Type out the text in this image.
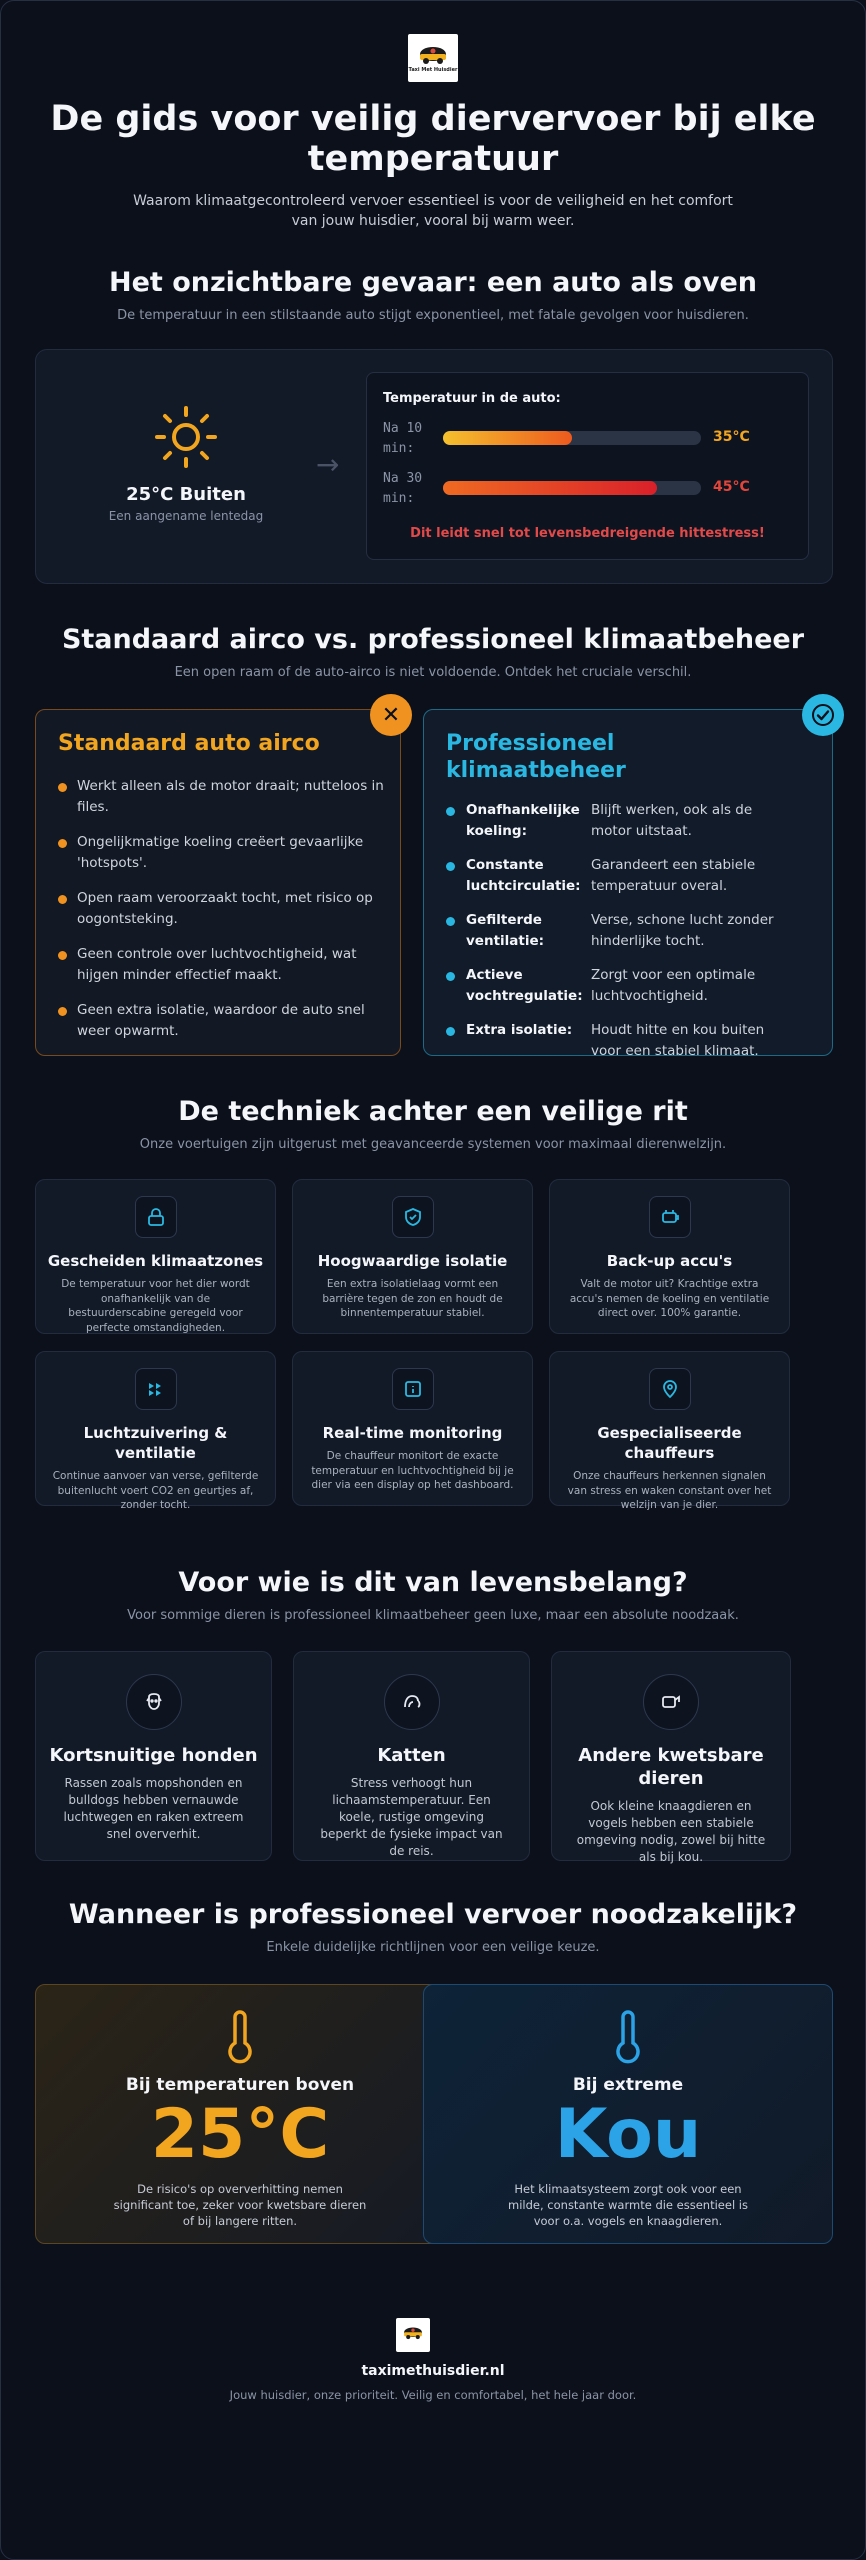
Taxi Met Huisdier
De gids voor veilig diervervoer bij elke temperatuur

Waarom klimaatgecontroleerd vervoer essentieel is voor de veiligheid en het comfort van jouw huisdier, vooral bij warm weer.

Het onzichtbare gevaar: een auto als oven

De temperatuur in een stilstaande auto stijgt exponentieel, met fatale gevolgen voor huisdieren.

25°C Buiten
Een aangename lentedag
→
Temperatuur in de auto:
Na 10 min:
35°C
Na 30 min:
45°C
Dit leidt snel tot levensbedreigende hittestress!
Standaard airco vs. professioneel klimaatbeheer

Een open raam of de auto-airco is niet voldoende. Ontdek het cruciale verschil.

✕
Standaard auto airco
Werkt alleen als de motor draait; nutteloos in files.
Ongelijkmatige koeling creëert gevaarlijke 'hotspots'.
Open raam veroorzaakt tocht, met risico op oogontsteking.
Geen controle over luchtvochtigheid, wat hijgen minder effectief maakt.
Geen extra isolatie, waardoor de auto snel weer opwarmt.
Professioneel klimaatbeheer
Onafhankelijke koeling:
Blijft werken, ook als de motor uitstaat.
Constante luchtcirculatie:
Garandeert een stabiele temperatuur overal.
Gefilterde ventilatie:
Verse, schone lucht zonder hinderlijke tocht.
Actieve vochtregulatie:
Zorgt voor een optimale luchtvochtigheid.
Extra isolatie:	Houdt hitte en kou buiten voor een stabiel klimaat.
De techniek achter een veilige rit

Onze voertuigen zijn uitgerust met geavanceerde systemen voor maximaal dierenwelzijn.

Gescheiden klimaatzones
De temperatuur voor het dier wordt onafhankelijk van de bestuurderscabine geregeld voor perfecte omstandigheden.
Hoogwaardige isolatie
Een extra isolatielaag vormt een barrière tegen de zon en houdt de binnentemperatuur stabiel.
Back-up accu's
Valt de motor uit? Krachtige extra accu's nemen de koeling en ventilatie direct over. 100% garantie.
Luchtzuivering & ventilatie
Continue aanvoer van verse, gefilterde buitenlucht voert CO2 en geurtjes af, zonder tocht.
Real-time monitoring
De chauffeur monitort de exacte temperatuur en luchtvochtigheid bij je dier via een display op het dashboard.
Gespecialiseerde chauffeurs
Onze chauffeurs herkennen signalen van stress en waken constant over het welzijn van je dier.
Voor wie is dit van levensbelang?

Voor sommige dieren is professioneel klimaatbeheer geen luxe, maar een absolute noodzaak.

Kortsnuitige honden
Rassen zoals mopshonden en bulldogs hebben vernauwde luchtwegen en raken extreem snel oververhit.
Katten
Stress verhoogt hun lichaamstemperatuur. Een koele, rustige omgeving beperkt de fysieke impact van de reis.
Andere kwetsbare dieren
Ook kleine knaagdieren en vogels hebben een stabiele omgeving nodig, zowel bij hitte als bij kou.
Wanneer is professioneel vervoer noodzakelijk?

Enkele duidelijke richtlijnen voor een veilige keuze.

Bij temperaturen boven
25°C
De risico's op oververhitting nemen significant toe, zeker voor kwetsbare dieren of bij langere ritten.
Bij extreme
Kou
Het klimaatsysteem zorgt ook voor een milde, constante warmte die essentieel is voor o.a. vogels en knaagdieren.
taximethuisdier.nl
Jouw huisdier, onze prioriteit. Veilig en comfortabel, het hele jaar door.
